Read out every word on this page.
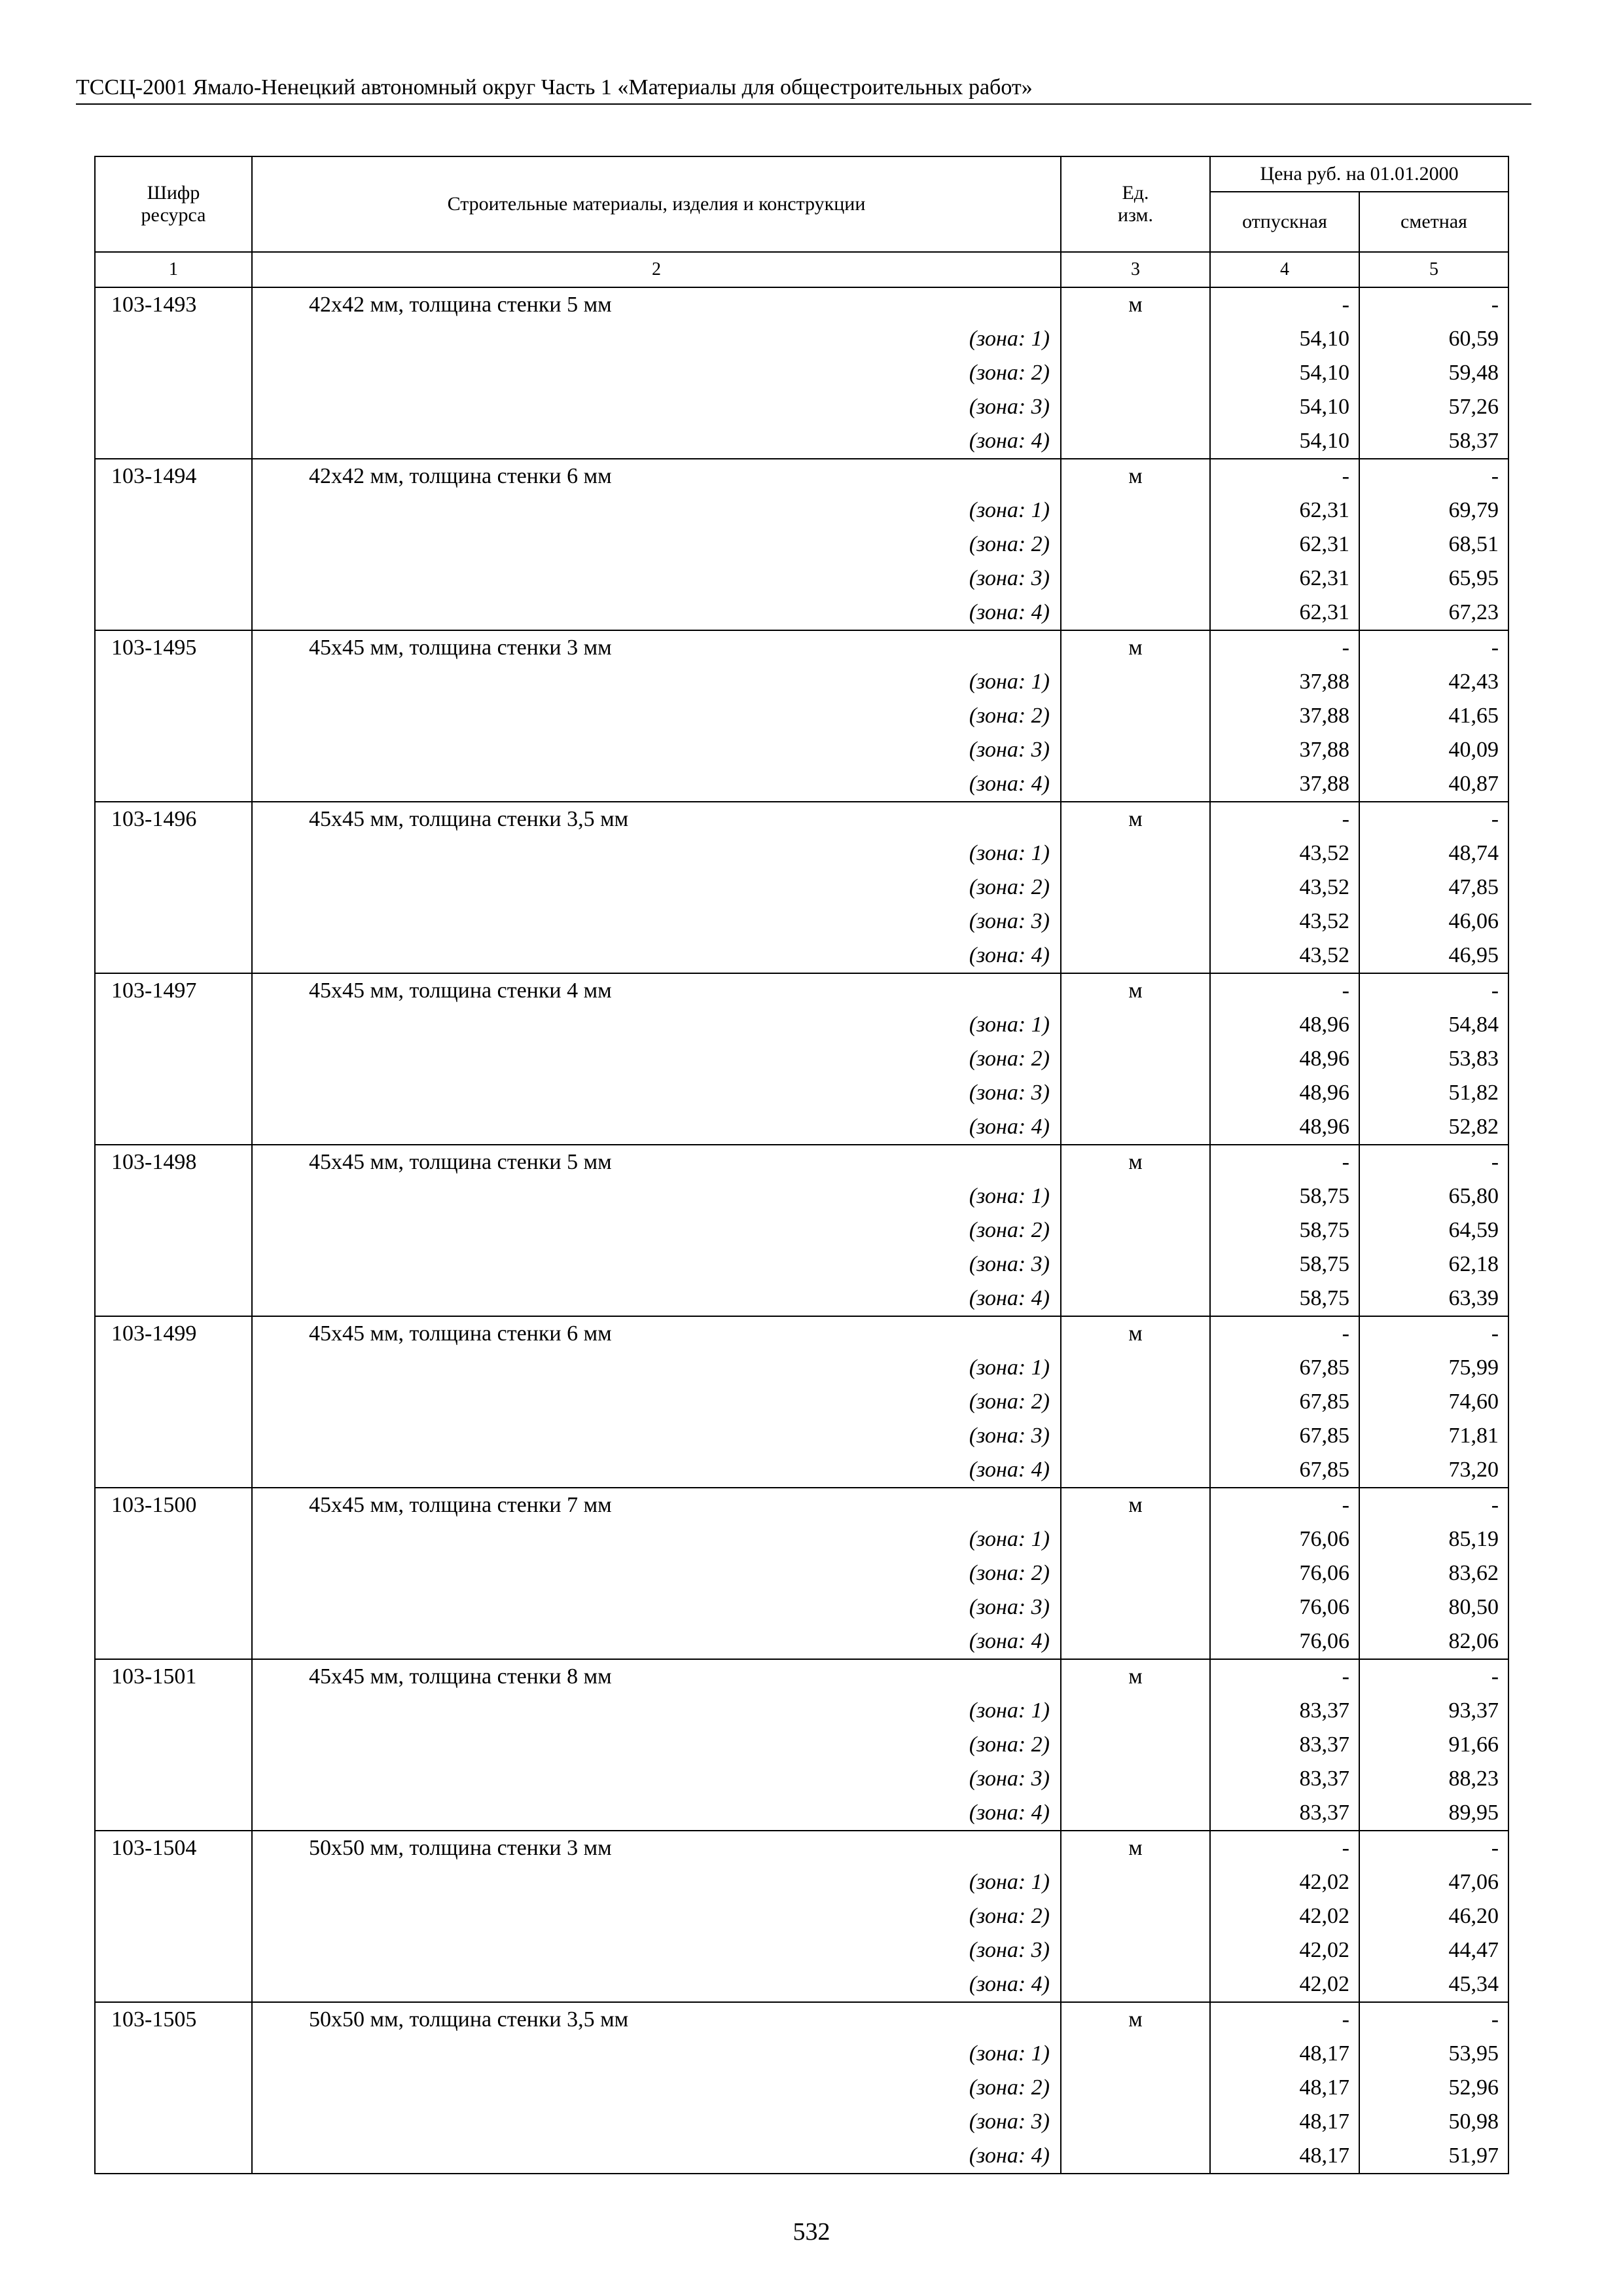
ТССЦ-2001 Ямало-Ненецкий автономный округ Часть 1 «Материалы для общестроительных работ»
Шифр ресурса	Строительные материалы, изделия и конструкции	Ед. изм.	Цена руб. на 01.01.2000	
			отпускная	сметная
1	2	3	4	5
103-1493	42х42 мм, толщина стенки 5 мм	м	-	-
	(зона: 1)		54,10	60,59
	(зона: 2)		54,10	59,48
	(зона: 3)		54,10	57,26
	(зона: 4)		54,10	58,37
103-1494	42х42 мм, толщина стенки 6 мм	м	-	-
	(зона: 1)		62,31	69,79
	(зона: 2)		62,31	68,51
	(зона: 3)		62,31	65,95
	(зона: 4)		62,31	67,23
103-1495	45х45 мм, толщина стенки 3 мм	м	-	-
	(зона: 1)		37,88	42,43
	(зона: 2)		37,88	41,65
	(зона: 3)		37,88	40,09
	(зона: 4)		37,88	40,87
103-1496	45х45 мм, толщина стенки 3,5 мм	м	-	-
	(зона: 1)		43,52	48,74
	(зона: 2)		43,52	47,85
	(зона: 3)		43,52	46,06
	(зона: 4)		43,52	46,95
103-1497	45х45 мм, толщина стенки 4 мм	м	-	-
	(зона: 1)		48,96	54,84
	(зона: 2)		48,96	53,83
	(зона: 3)		48,96	51,82
	(зона: 4)		48,96	52,82
103-1498	45х45 мм, толщина стенки 5 мм	м	-	-
	(зона: 1)		58,75	65,80
	(зона: 2)		58,75	64,59
	(зона: 3)		58,75	62,18
	(зона: 4)		58,75	63,39
103-1499	45х45 мм, толщина стенки 6 мм	м	-	-
	(зона: 1)		67,85	75,99
	(зона: 2)		67,85	74,60
	(зона: 3)		67,85	71,81
	(зона: 4)		67,85	73,20
103-1500	45х45 мм, толщина стенки 7 мм	м	-	-
	(зона: 1)		76,06	85,19
	(зона: 2)		76,06	83,62
	(зона: 3)		76,06	80,50
	(зона: 4)		76,06	82,06
103-1501	45х45 мм, толщина стенки 8 мм	м	-	-
	(зона: 1)		83,37	93,37
	(зона: 2)		83,37	91,66
	(зона: 3)		83,37	88,23
	(зона: 4)		83,37	89,95
103-1504	50х50 мм, толщина стенки 3 мм	м	-	-
	(зона: 1)		42,02	47,06
	(зона: 2)		42,02	46,20
	(зона: 3)		42,02	44,47
	(зона: 4)		42,02	45,34
103-1505	50х50 мм, толщина стенки 3,5 мм	м	-	-
	(зона: 1)		48,17	53,95
	(зона: 2)		48,17	52,96
	(зона: 3)		48,17	50,98
	(зона: 4)		48,17	51,97
532
